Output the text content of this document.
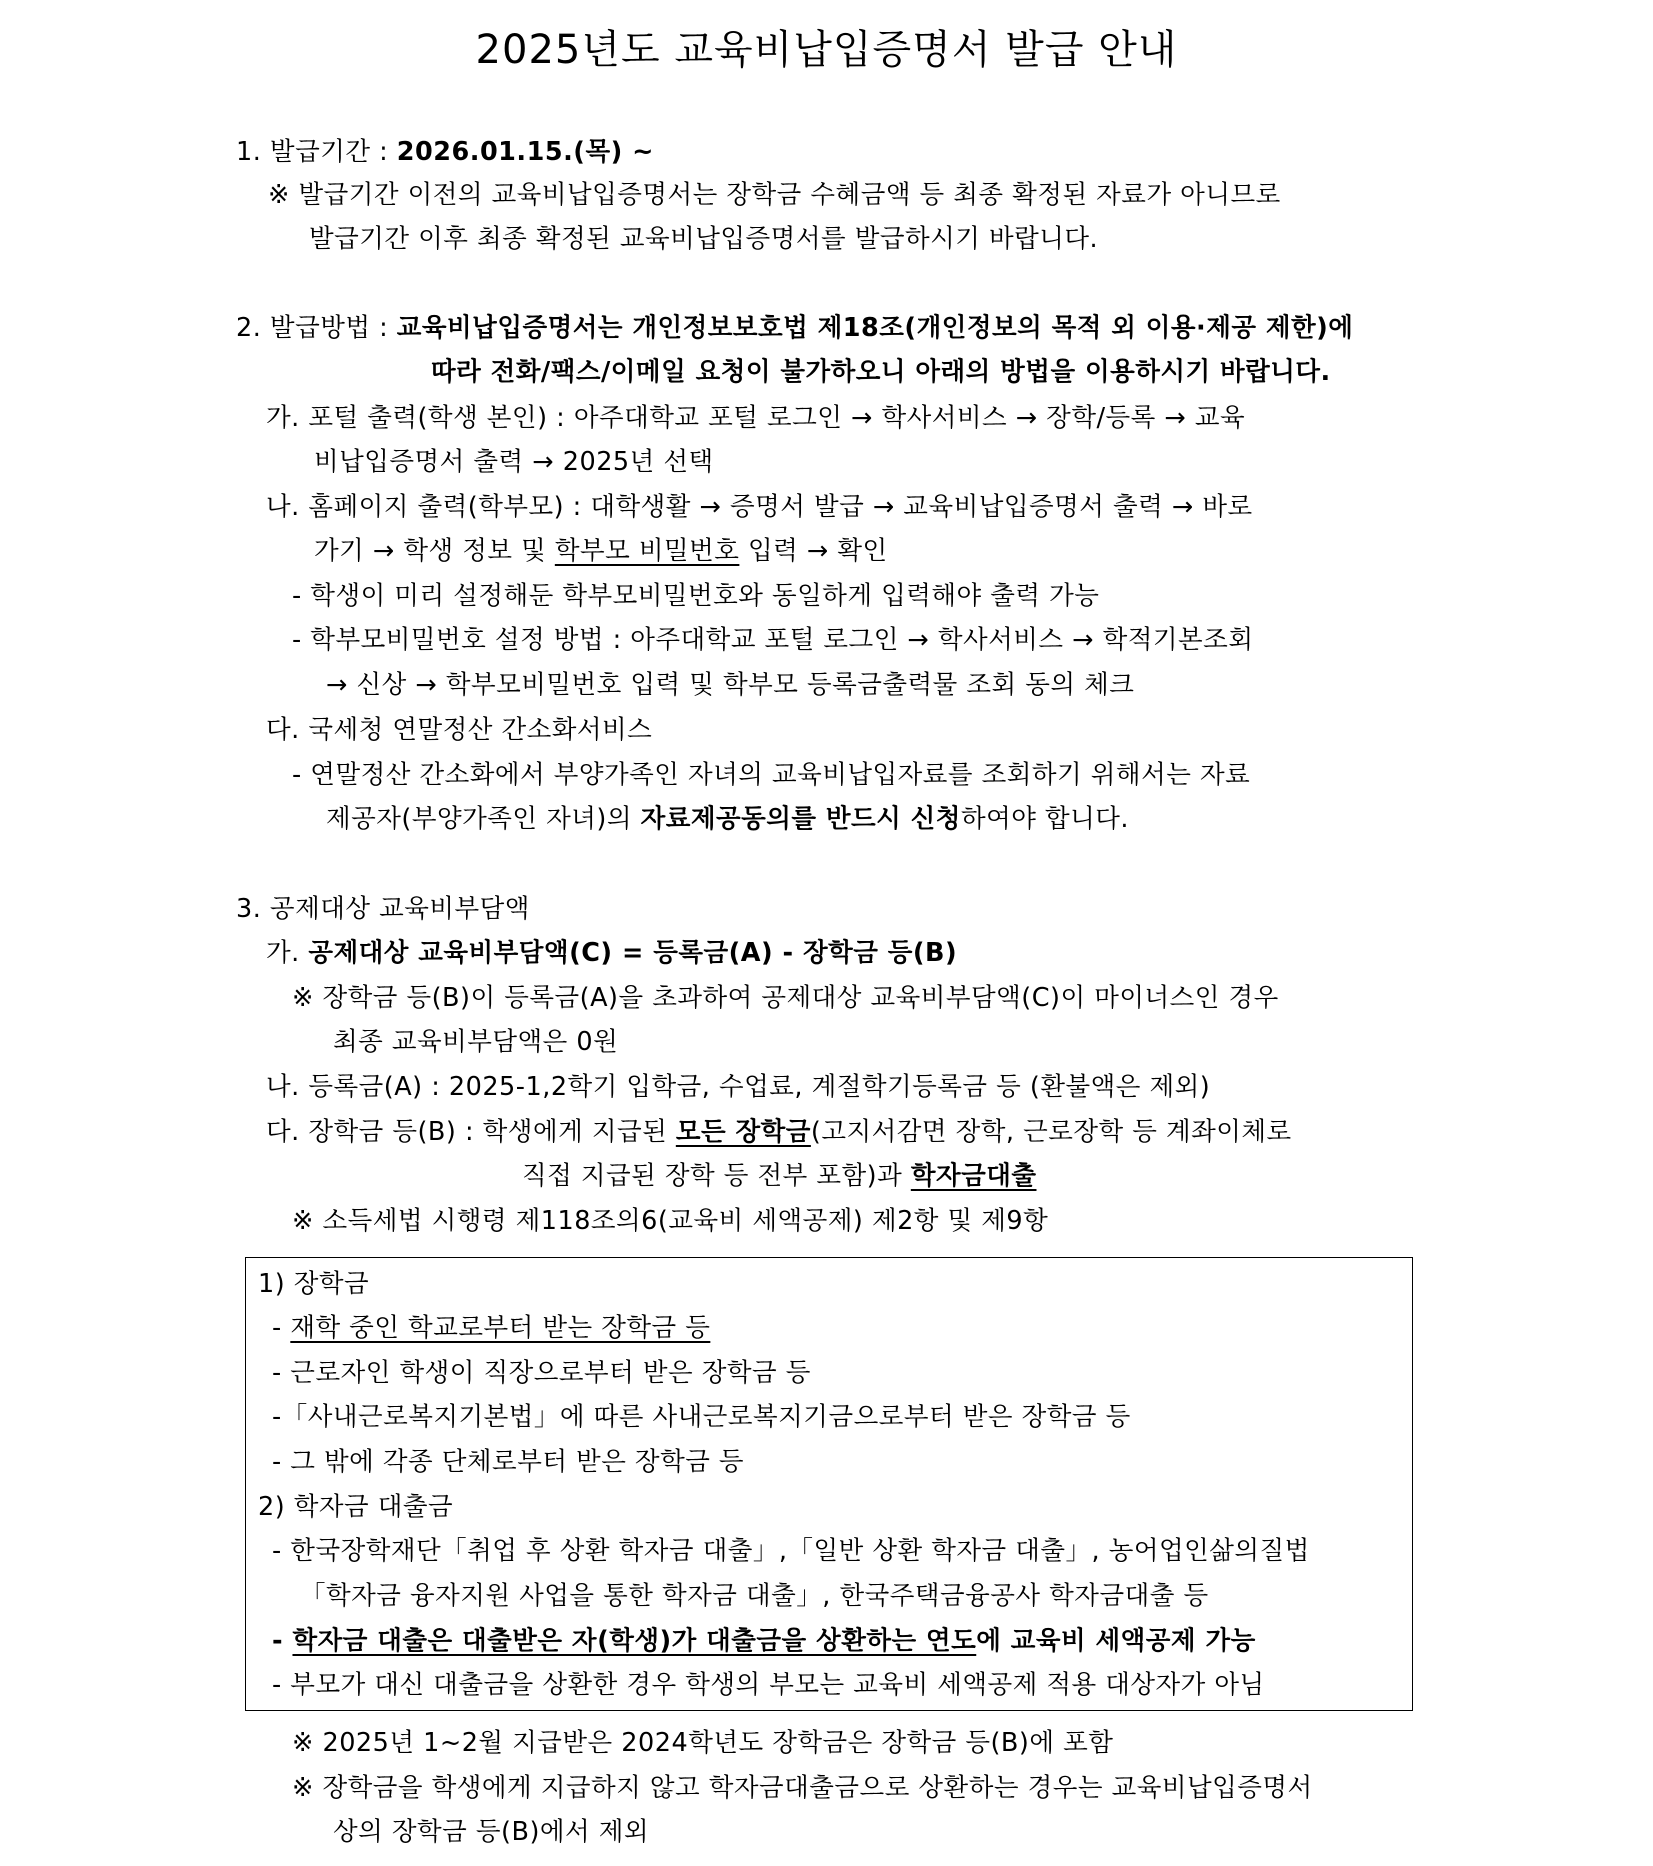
2025년도 교육비납입증명서 발급 안내
1. 발급기간 : 2026.01.15.(목) ~
※ 발급기간 이전의 교육비납입증명서는 장학금 수혜금액 등 최종 확정된 자료가 아니므로
발급기간 이후 최종 확정된 교육비납입증명서를 발급하시기 바랍니다.
2. 발급방법 : 교육비납입증명서는 개인정보보호법 제18조(개인정보의 목적 외 이용·제공 제한)에
따라 전화/팩스/이메일 요청이 불가하오니 아래의 방법을 이용하시기 바랍니다.
가. 포털 출력(학생 본인) : 아주대학교 포털 로그인 → 학사서비스 → 장학/등록 → 교육
비납입증명서 출력 → 2025년 선택
나. 홈페이지 출력(학부모) : 대학생활 → 증명서 발급 → 교육비납입증명서 출력 → 바로
가기 → 학생 정보 및 학부모 비밀번호 입력 → 확인
- 학생이 미리 설정해둔 학부모비밀번호와 동일하게 입력해야 출력 가능
- 학부모비밀번호 설정 방법 : 아주대학교 포털 로그인 → 학사서비스 → 학적기본조회
→ 신상 → 학부모비밀번호 입력 및 학부모 등록금출력물 조회 동의 체크
다. 국세청 연말정산 간소화서비스
- 연말정산 간소화에서 부양가족인 자녀의 교육비납입자료를 조회하기 위해서는 자료
제공자(부양가족인 자녀)의 자료제공동의를 반드시 신청하여야 합니다.
3. 공제대상 교육비부담액
가. 공제대상 교육비부담액(C) = 등록금(A) - 장학금 등(B)
※ 장학금 등(B)이 등록금(A)을 초과하여 공제대상 교육비부담액(C)이 마이너스인 경우
최종 교육비부담액은 0원
나. 등록금(A) : 2025-1,2학기 입학금, 수업료, 계절학기등록금 등 (환불액은 제외)
다. 장학금 등(B) : 학생에게 지급된 모든 장학금(고지서감면 장학, 근로장학 등 계좌이체로
직접 지급된 장학 등 전부 포함)과 학자금대출
※ 소득세법 시행령 제118조의6(교육비 세액공제) 제2항 및 제9항
1) 장학금
- 재학 중인 학교로부터 받는 장학금 등
- 근로자인 학생이 직장으로부터 받은 장학금 등
-「사내근로복지기본법」에 따른 사내근로복지기금으로부터 받은 장학금 등
- 그 밖에 각종 단체로부터 받은 장학금 등
2) 학자금 대출금
- 한국장학재단「취업 후 상환 학자금 대출」,「일반 상환 학자금 대출」, 농어업인삶의질법
「학자금 융자지원 사업을 통한 학자금 대출」, 한국주택금융공사 학자금대출 등
- 학자금 대출은 대출받은 자(학생)가 대출금을 상환하는 연도에 교육비 세액공제 가능
- 부모가 대신 대출금을 상환한 경우 학생의 부모는 교육비 세액공제 적용 대상자가 아님
※ 2025년 1~2월 지급받은 2024학년도 장학금은 장학금 등(B)에 포함
※ 장학금을 학생에게 지급하지 않고 학자금대출금으로 상환하는 경우는 교육비납입증명서
상의 장학금 등(B)에서 제외
